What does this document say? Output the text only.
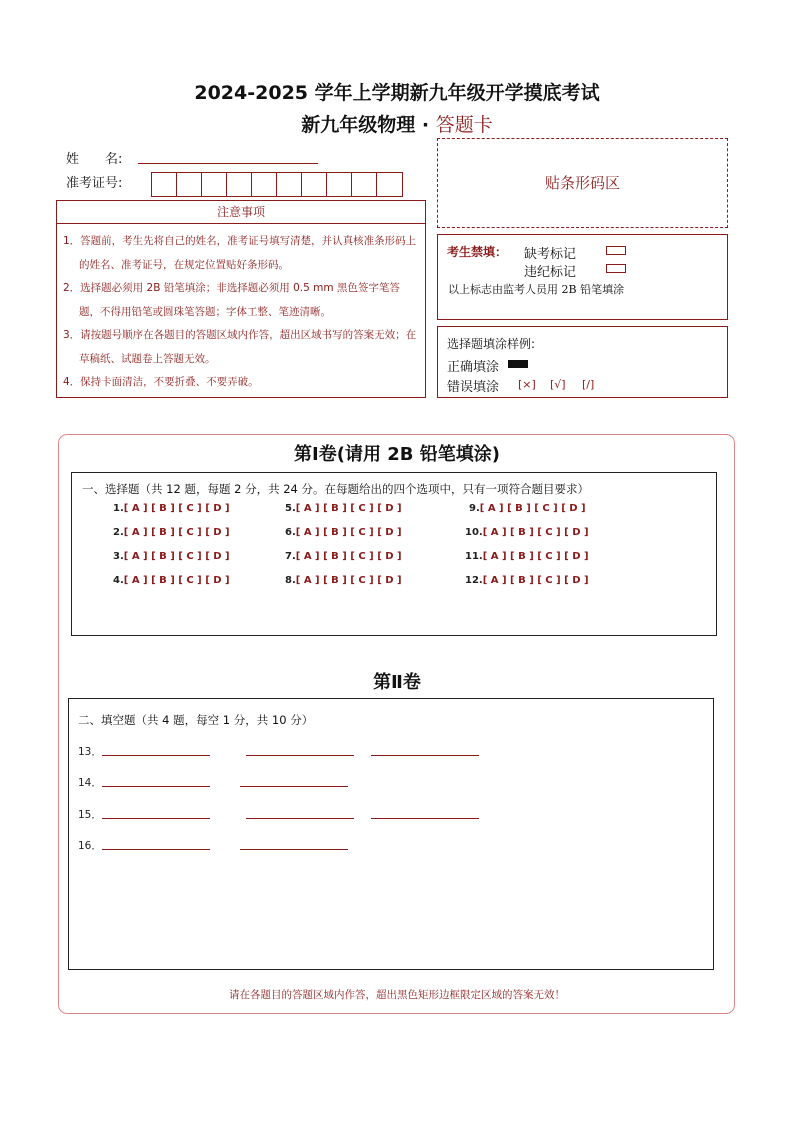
2024-2025 学年上学期新九年级开学摸底考试
新九年级物理 · 答题卡
姓　　名:
准考证号:
注意事项
1．答题前，考生先将自己的姓名，准考证号填写清楚，并认真核准条形码上的姓名、准考证号，在规定位置贴好条形码。
2．选择题必须用 2B 铅笔填涂；非选择题必须用 0.5 mm 黑色签字笔答题，不得用铅笔或圆珠笔答题；字体工整、笔迹清晰。
3．请按题号顺序在各题目的答题区域内作答，超出区域书写的答案无效；在草稿纸、试题卷上答题无效。
4．保持卡面清洁，不要折叠、不要弄破。
贴条形码区
考生禁填： 缺考标记
违纪标记
以上标志由监考人员用 2B 铅笔填涂
选择题填涂样例:
正确填涂
错误填涂 [×] [√] [/]
第Ⅰ卷(请用 2B 铅笔填涂)
一、选择题（共 12 题，每题 2 分，共 24 分。在每题给出的四个选项中，只有一项符合题目要求）
1.[ A ] [ B ] [ C ] [ D ]
2.[ A ] [ B ] [ C ] [ D ]
3.[ A ] [ B ] [ C ] [ D ]
4.[ A ] [ B ] [ C ] [ D ]
5.[ A ] [ B ] [ C ] [ D ]
6.[ A ] [ B ] [ C ] [ D ]
7.[ A ] [ B ] [ C ] [ D ]
8.[ A ] [ B ] [ C ] [ D ]
9.[ A ] [ B ] [ C ] [ D ]
10.[ A ] [ B ] [ C ] [ D ]
11.[ A ] [ B ] [ C ] [ D ]
12.[ A ] [ B ] [ C ] [ D ]
第Ⅱ卷
二、填空题（共 4 题，每空 1 分，共 10 分）
13．
14．
15．
16．
请在各题目的答题区域内作答，超出黑色矩形边框限定区域的答案无效！
